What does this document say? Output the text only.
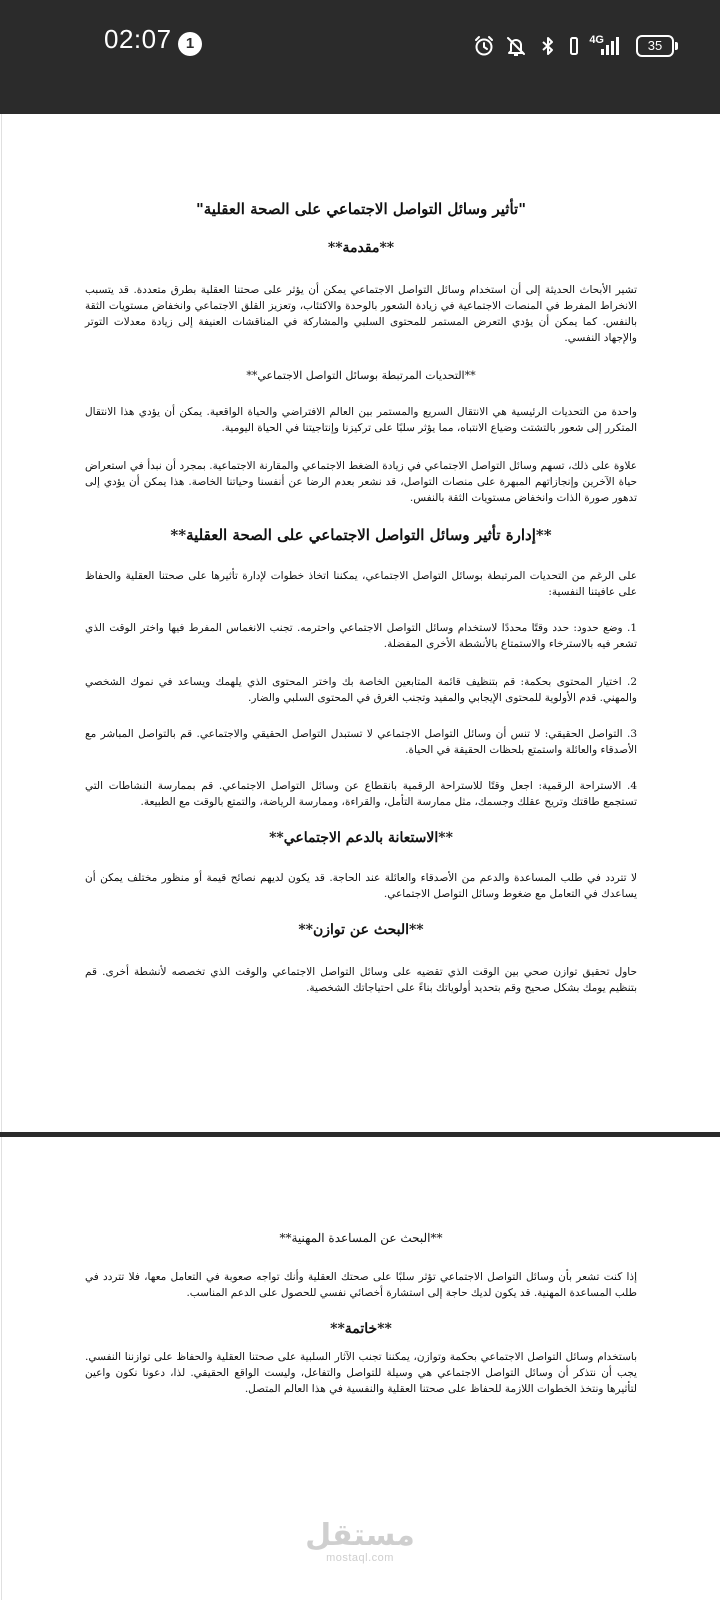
02:07 1	4G	35
"تأثير وسائل التواصل الاجتماعي على الصحة العقلية"
**مقدمة**
تشير الأبحاث الحديثة إلى أن استخدام وسائل التواصل الاجتماعي يمكن أن يؤثر على صحتنا العقلية بطرق متعددة. قد يتسبب الانخراط المفرط في المنصات الاجتماعية في زيادة الشعور بالوحدة والاكتئاب، وتعزيز القلق الاجتماعي وانخفاض مستويات الثقة بالنفس. كما يمكن أن يؤدي التعرض المستمر للمحتوى السلبي والمشاركة في المناقشات العنيفة إلى زيادة معدلات التوتر والإجهاد النفسي.
**التحديات المرتبطة بوسائل التواصل الاجتماعي**
واحدة من التحديات الرئيسية هي الانتقال السريع والمستمر بين العالم الافتراضي والحياة الواقعية. يمكن أن يؤدي هذا الانتقال المتكرر إلى شعور بالتشتت وضياع الانتباه، مما يؤثر سلبًا على تركيزنا وإنتاجيتنا في الحياة اليومية.
علاوة على ذلك، تسهم وسائل التواصل الاجتماعي في زيادة الضغط الاجتماعي والمقارنة الاجتماعية. بمجرد أن نبدأ في استعراض حياة الآخرين وإنجازاتهم المبهرة على منصات التواصل، قد نشعر بعدم الرضا عن أنفسنا وحياتنا الخاصة. هذا يمكن أن يؤدي إلى تدهور صورة الذات وانخفاض مستويات الثقة بالنفس.
**إدارة تأثير وسائل التواصل الاجتماعي على الصحة العقلية**
على الرغم من التحديات المرتبطة بوسائل التواصل الاجتماعي، يمكننا اتخاذ خطوات لإدارة تأثيرها على صحتنا العقلية والحفاظ على عافيتنا النفسية:
1. وضع حدود: حدد وقتًا محددًا لاستخدام وسائل التواصل الاجتماعي واحترمه. تجنب الانغماس المفرط فيها واختر الوقت الذي تشعر فيه بالاسترخاء والاستمتاع بالأنشطة الأخرى المفضلة.
2. اختيار المحتوى بحكمة: قم بتنظيف قائمة المتابعين الخاصة بك واختر المحتوى الذي يلهمك ويساعد في نموك الشخصي والمهني. قدم الأولوية للمحتوى الإيجابي والمفيد وتجنب الغرق في المحتوى السلبي والضار.
3. التواصل الحقيقي: لا تنس أن وسائل التواصل الاجتماعي لا تستبدل التواصل الحقيقي والاجتماعي. قم بالتواصل المباشر مع الأصدقاء والعائلة واستمتع بلحظات الحقيقة في الحياة.
4. الاستراحة الرقمية: اجعل وقتًا للاستراحة الرقمية بانقطاع عن وسائل التواصل الاجتماعي. قم بممارسة النشاطات التي تستجمع طاقتك وتريح عقلك وجسمك، مثل ممارسة التأمل، والقراءة، وممارسة الرياضة، والتمتع بالوقت مع الطبيعة.
**الاستعانة بالدعم الاجتماعي**
لا تتردد في طلب المساعدة والدعم من الأصدقاء والعائلة عند الحاجة. قد يكون لديهم نصائح قيمة أو منظور مختلف يمكن أن يساعدك في التعامل مع ضغوط وسائل التواصل الاجتماعي.
**البحث عن توازن**
حاول تحقيق توازن صحي بين الوقت الذي تقضيه على وسائل التواصل الاجتماعي والوقت الذي تخصصه لأنشطة أخرى. قم بتنظيم يومك بشكل صحيح وقم بتحديد أولوياتك بناءً على احتياجاتك الشخصية.
**البحث عن المساعدة المهنية**
إذا كنت تشعر بأن وسائل التواصل الاجتماعي تؤثر سلبًا على صحتك العقلية وأنك تواجه صعوبة في التعامل معها، فلا تتردد في طلب المساعدة المهنية. قد يكون لديك حاجة إلى استشارة أخصائي نفسي للحصول على الدعم المناسب.
**خاتمة**
باستخدام وسائل التواصل الاجتماعي بحكمة وتوازن، يمكننا تجنب الآثار السلبية على صحتنا العقلية والحفاظ على توازننا النفسي. يجب أن نتذكر أن وسائل التواصل الاجتماعي هي وسيلة للتواصل والتفاعل، وليست الواقع الحقيقي. لذا، دعونا نكون واعين لتأثيرها ونتخذ الخطوات اللازمة للحفاظ على صحتنا العقلية والنفسية في هذا العالم المتصل.
مستقل
mostaql.com
